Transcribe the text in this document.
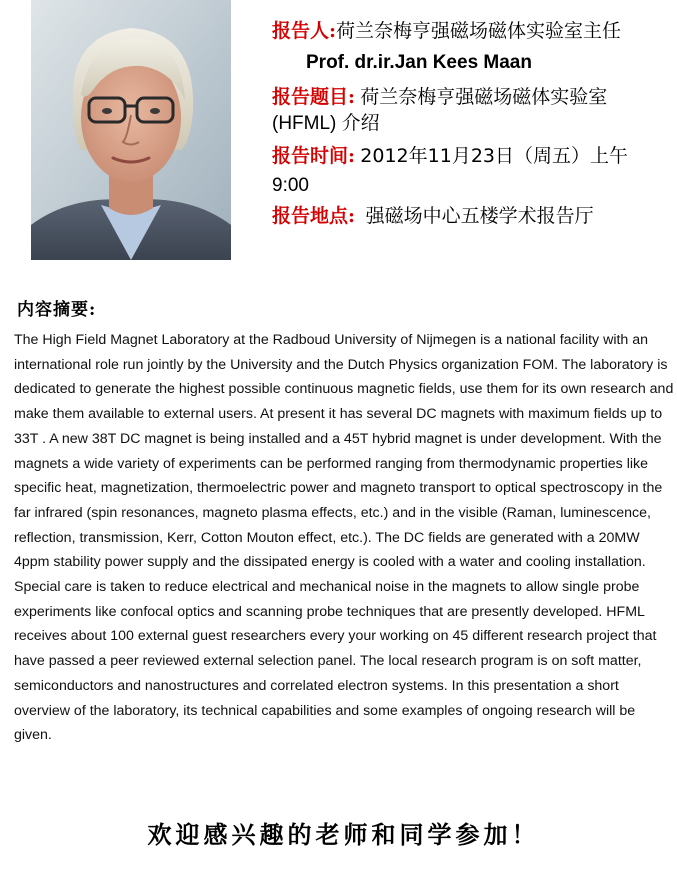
报告人:荷兰奈梅亨强磁场磁体实验室主任
Prof. dr.ir.Jan Kees Maan
报告题目: 荷兰奈梅亨强磁场磁体实验室
(HFML) 介绍
报告时间: 2012年11月23日（周五）上午
9:00
报告地点: 强磁场中心五楼学术报告厅
内容摘要:
The High Field Magnet Laboratory at the Radboud University of Nijmegen is a national facility with an international role run jointly by the University and the Dutch Physics organization FOM. The laboratory is dedicated to generate the highest possible continuous magnetic fields, use them for its own research and make them available to external users. At present it has several DC magnets with maximum fields up to 33T . A new 38T DC magnet is being installed and a 45T hybrid magnet is under development. With the magnets a wide variety of experiments can be performed ranging from thermodynamic properties like specific heat, magnetization, thermoelectric power and magneto transport to optical spectroscopy in the far infrared (spin resonances, magneto plasma effects, etc.) and in the visible (Raman, luminescence, reflection, transmission, Kerr, Cotton Mouton effect, etc.). The DC fields are generated with a 20MW 4ppm stability power supply and the dissipated energy is cooled with a water and cooling installation. Special care is taken to reduce electrical and mechanical noise in the magnets to allow single probe experiments like confocal optics and scanning probe techniques that are presently developed. HFML receives about 100 external guest researchers every your working on 45 different research project that have passed a peer reviewed external selection panel. The local research program is on soft matter, semiconductors and nanostructures and correlated electron systems. In this presentation a short overview of the laboratory, its technical capabilities and some examples of ongoing research will be given.
欢迎感兴趣的老师和同学参加！
